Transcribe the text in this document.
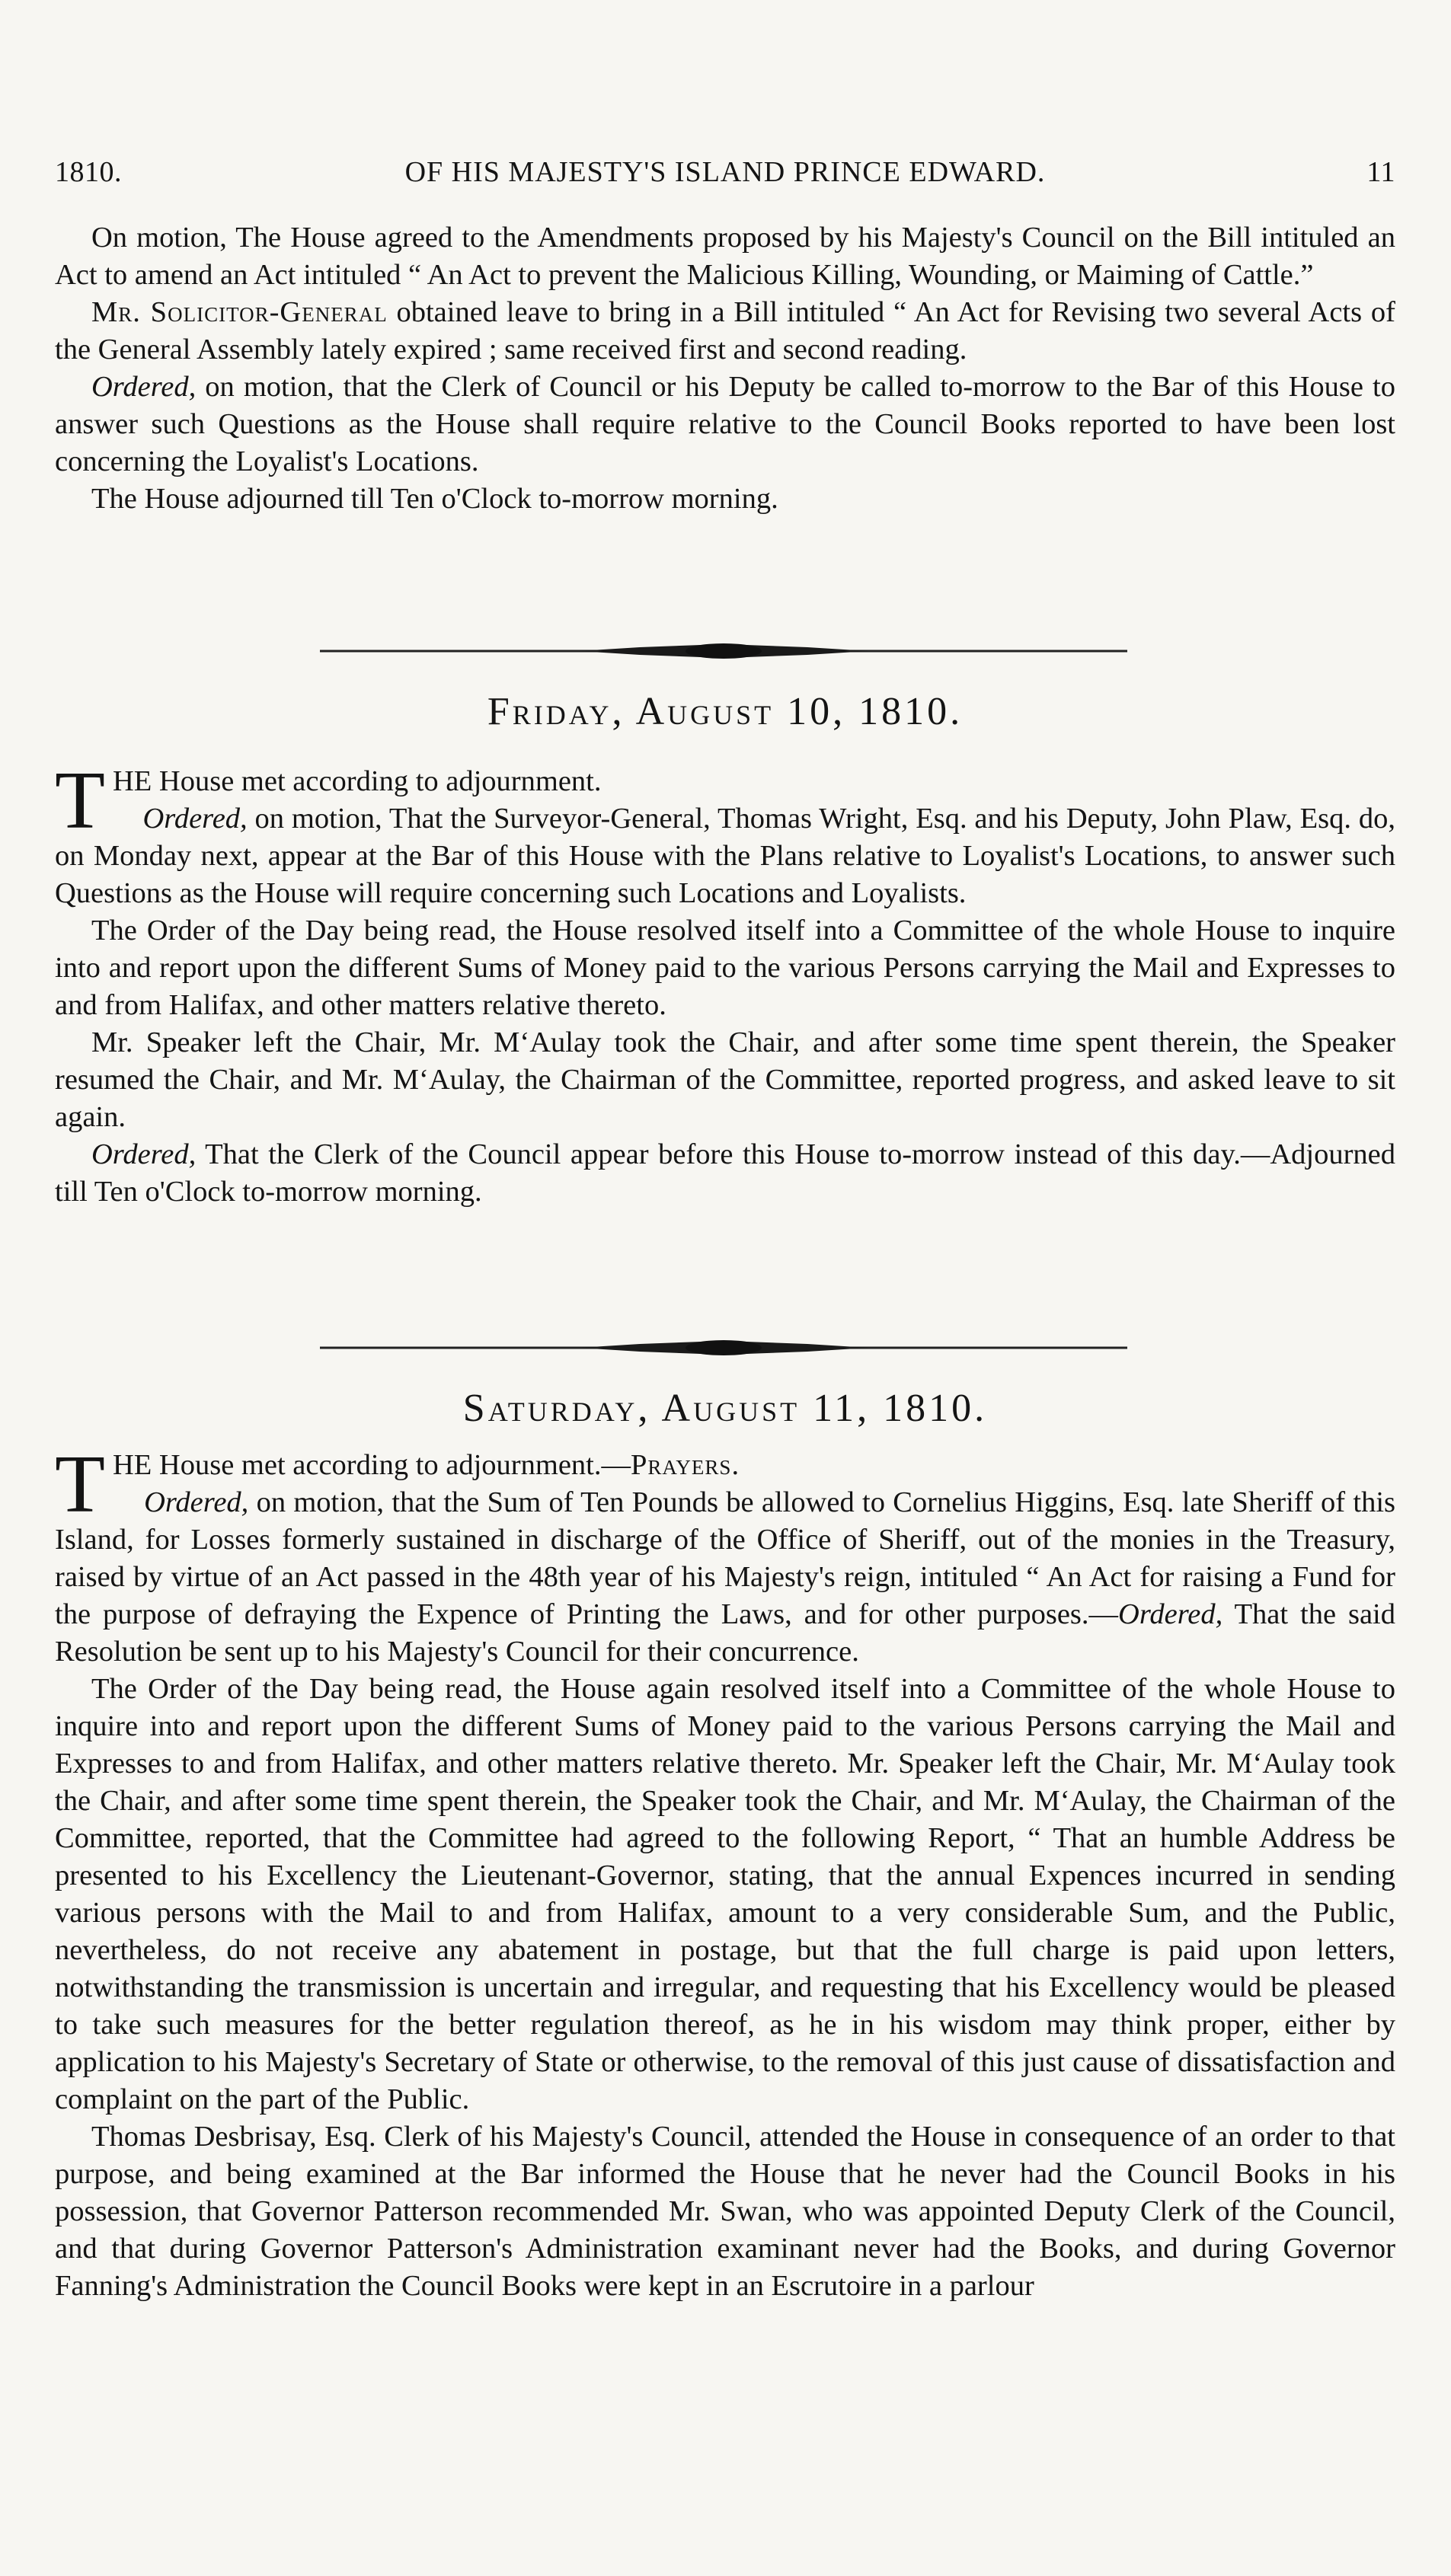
1810.	OF HIS MAJESTY'S ISLAND PRINCE EDWARD.	11

On motion, The House agreed to the Amendments proposed by his Majesty's Council on the Bill intituled an Act to amend an Act intituled “ An Act to prevent the Malicious Killing, Wounding, or Maiming of Cattle.”

Mr. Solicitor-General obtained leave to bring in a Bill intituled “ An Act for Revising two several Acts of the General Assembly lately expired ; same received first and second reading.

Ordered, on motion, that the Clerk of Council or his Deputy be called to-morrow to the Bar of this House to answer such Questions as the House shall require relative to the Council Books reported to have been lost concerning the Loyalist's Locations.

The House adjourned till Ten o'Clock to-morrow morning.

Friday, August 10, 1810.

THE House met according to adjournment.
Ordered, on motion, That the Surveyor-General, Thomas Wright, Esq. and his Deputy, John Plaw, Esq. do, on Monday next, appear at the Bar of this House with the Plans relative to Loyalist's Locations, to answer such Questions as the House will require concerning such Locations and Loyalists.

The Order of the Day being read, the House resolved itself into a Committee of the whole House to inquire into and report upon the different Sums of Money paid to the various Persons carrying the Mail and Expresses to and from Halifax, and other matters relative thereto.

Mr. Speaker left the Chair, Mr. M‘Aulay took the Chair, and after some time spent therein, the Speaker resumed the Chair, and Mr. M‘Aulay, the Chairman of the Committee, reported progress, and asked leave to sit again.

Ordered, That the Clerk of the Council appear before this House to-morrow instead of this day.—Adjourned till Ten o'Clock to-morrow morning.

Saturday, August 11, 1810.

THE House met according to adjournment.—Prayers.
Ordered, on motion, that the Sum of Ten Pounds be allowed to Cornelius Higgins, Esq. late Sheriff of this Island, for Losses formerly sustained in discharge of the Office of Sheriff, out of the monies in the Treasury, raised by virtue of an Act passed in the 48th year of his Majesty's reign, intituled “ An Act for raising a Fund for the purpose of defraying the Expence of Printing the Laws, and for other purposes.—Ordered, That the said Resolution be sent up to his Majesty's Council for their concurrence.

The Order of the Day being read, the House again resolved itself into a Committee of the whole House to inquire into and report upon the different Sums of Money paid to the various Persons carrying the Mail and Expresses to and from Halifax, and other matters relative thereto. Mr. Speaker left the Chair, Mr. M‘Aulay took the Chair, and after some time spent therein, the Speaker took the Chair, and Mr. M‘Aulay, the Chairman of the Committee, reported, that the Committee had agreed to the following Report, “ That an humble Address be presented to his Excellency the Lieutenant-Governor, stating, that the annual Expences incurred in sending various persons with the Mail to and from Halifax, amount to a very considerable Sum, and the Public, nevertheless, do not receive any abatement in postage, but that the full charge is paid upon letters, notwithstanding the transmission is uncertain and irregular, and requesting that his Excellency would be pleased to take such measures for the better regulation thereof, as he in his wisdom may think proper, either by application to his Majesty's Secretary of State or otherwise, to the removal of this just cause of dissatisfaction and complaint on the part of the Public.

Thomas Desbrisay, Esq. Clerk of his Majesty's Council, attended the House in consequence of an order to that purpose, and being examined at the Bar informed the House that he never had the Council Books in his possession, that Governor Patterson recommended Mr. Swan, who was appointed Deputy Clerk of the Council, and that during Governor Patterson's Administration examinant never had the Books, and during Governor Fanning's Administration the Council Books were kept in an Escrutoire in a parlour
